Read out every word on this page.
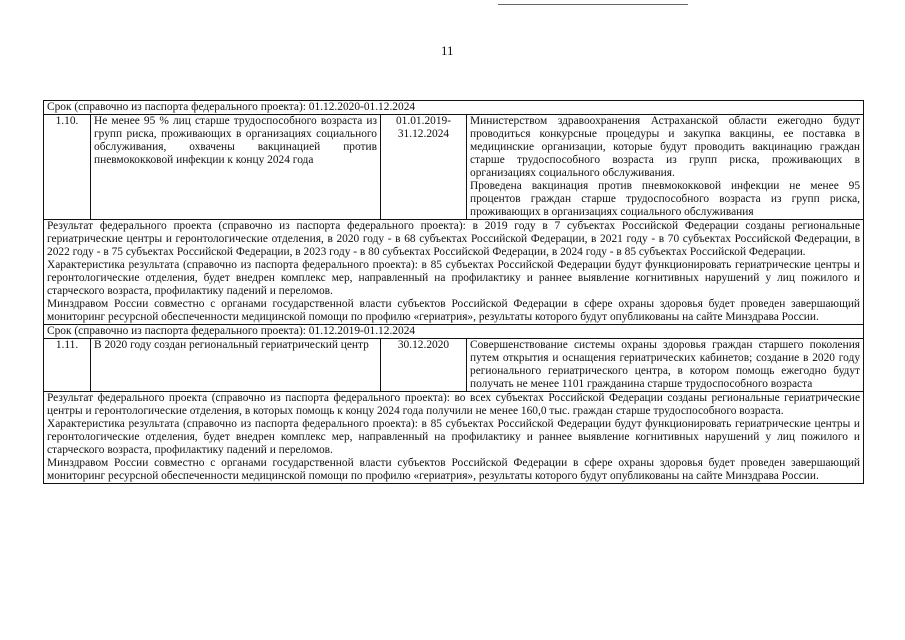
11
Срок (справочно из паспорта федерального проекта): 01.12.2020-01.12.2024			
1.10.	Не менее 95 % лиц старше трудоспособного возраста из групп риска, проживающих в организациях социального обслуживания, охвачены вакцинацией против пневмококковой инфекции к концу 2024 года	01.01.2019-31.12.2024	Министерством здравоохранения Астраханской области ежегодно будут проводиться конкурсные процедуры и закупка вакцины, ее поставка в медицинские организации, которые будут проводить вакцинацию граждан старше трудоспособного возраста из групп риска, проживающих в организациях социального обслуживания.

Проведена вакцинация против пневмококковой инфекции не менее 95 процентов граждан старше трудоспособного возраста из групп риска, проживающих в организациях социального обслуживания

Результат федерального проекта (справочно из паспорта федерального проекта): в 2019 году в 7 субъектах Российской Федерации созданы региональные гериатрические центры и геронтологические отделения, в 2020 году - в 68 субъектах Российской Федерации, в 2021 году - в 70 субъектах Российской Федерации, в 2022 году - в 75 субъектах Российской Федерации, в 2023 году - в 80 субъектах Российской Федерации, в 2024 году - в 85 субъектах Российской Федерации.

Характеристика результата (справочно из паспорта федерального проекта): в 85 субъектах Российской Федерации будут функционировать гериатрические центры и геронтологические отделения, будет внедрен комплекс мер, направленный на профилактику и раннее выявление когнитивных нарушений у лиц пожилого и старческого возраста, профилактику падений и переломов.

Минздравом России совместно с органами государственной власти субъектов Российской Федерации в сфере охраны здоровья будет проведен завершающий мониторинг ресурсной обеспеченности медицинской помощи по профилю «гериатрия», результаты которого будут опубликованы на сайте Минздрава России.			

Срок (справочно из паспорта федерального проекта): 01.12.2019-01.12.2024			
1.11.	В 2020 году создан региональный гериатрический центр	30.12.2020	Совершенствование системы охраны здоровья граждан старшего поколения путем открытия и оснащения гериатрических кабинетов; создание в 2020 году регионального гериатрического центра, в котором помощь ежегодно будут получать не менее 1101 гражданина старше трудоспособного возраста

Результат федерального проекта (справочно из паспорта федерального проекта): во всех субъектах Российской Федерации созданы региональные гериатрические центры и геронтологические отделения, в которых помощь к концу 2024 года получили не менее 160,0 тыс. граждан старше трудоспособного возраста.

Характеристика результата (справочно из паспорта федерального проекта): в 85 субъектах Российской Федерации будут функционировать гериатрические центры и геронтологические отделения, будет внедрен комплекс мер, направленный на профилактику и раннее выявление когнитивных нарушений у лиц пожилого и старческого возраста, профилактику падений и переломов.

Минздравом России совместно с органами государственной власти субъектов Российской Федерации в сфере охраны здоровья будет проведен завершающий мониторинг ресурсной обеспеченности медицинской помощи по профилю «гериатрия», результаты которого будут опубликованы на сайте Минздрава России.			
